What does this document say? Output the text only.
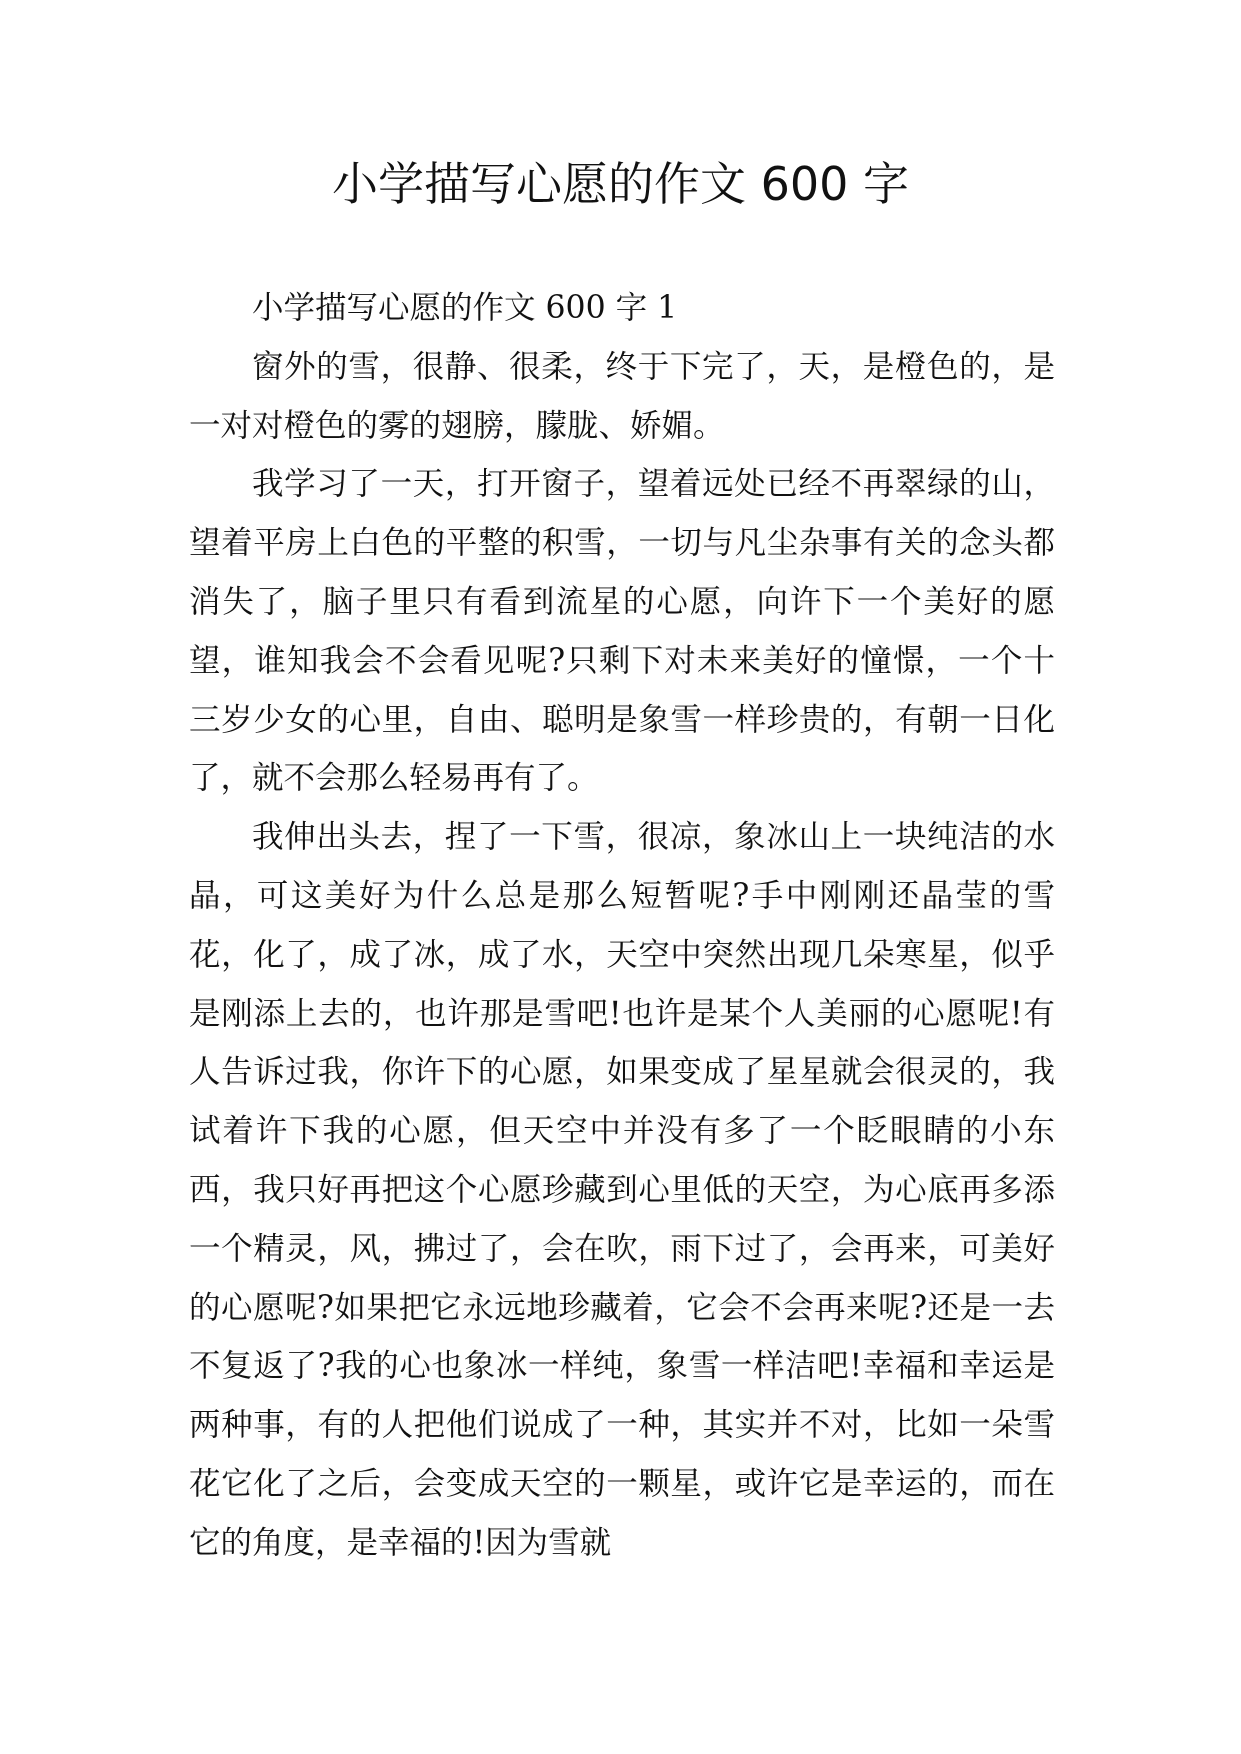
小学描写心愿的作文 600 字

小学描写心愿的作文 600 字 1

窗外的雪，很静、很柔，终于下完了，天，是橙色的，是一对对橙色的雾的翅膀，朦胧、娇媚。

我学习了一天，打开窗子，望着远处已经不再翠绿的山，望着平房上白色的平整的积雪，一切与凡尘杂事有关的念头都消失了，脑子里只有看到流星的心愿，向许下一个美好的愿望，谁知我会不会看见呢?只剩下对未来美好的憧憬，一个十三岁少女的心里，自由、聪明是象雪一样珍贵的，有朝一日化了，就不会那么轻易再有了。

我伸出头去，捏了一下雪，很凉，象冰山上一块纯洁的水晶，可这美好为什么总是那么短暂呢?手中刚刚还晶莹的雪花，化了，成了冰，成了水，天空中突然出现几朵寒星，似乎是刚添上去的，也许那是雪吧!也许是某个人美丽的心愿呢!有人告诉过我，你许下的心愿，如果变成了星星就会很灵的，我试着许下我的心愿，但天空中并没有多了一个眨眼睛的小东西，我只好再把这个心愿珍藏到心里低的天空，为心底再多添一个精灵，风，拂过了，会在吹，雨下过了，会再来，可美好的心愿呢?如果把它永远地珍藏着，它会不会再来呢?还是一去不复返了?我的心也象冰一样纯，象雪一样洁吧!幸福和幸运是两种事，有的人把他们说成了一种，其实并不对，比如一朵雪花它化了之后，会变成天空的一颗星，或许它是幸运的，而在它的角度，是幸福的!因为雪就
